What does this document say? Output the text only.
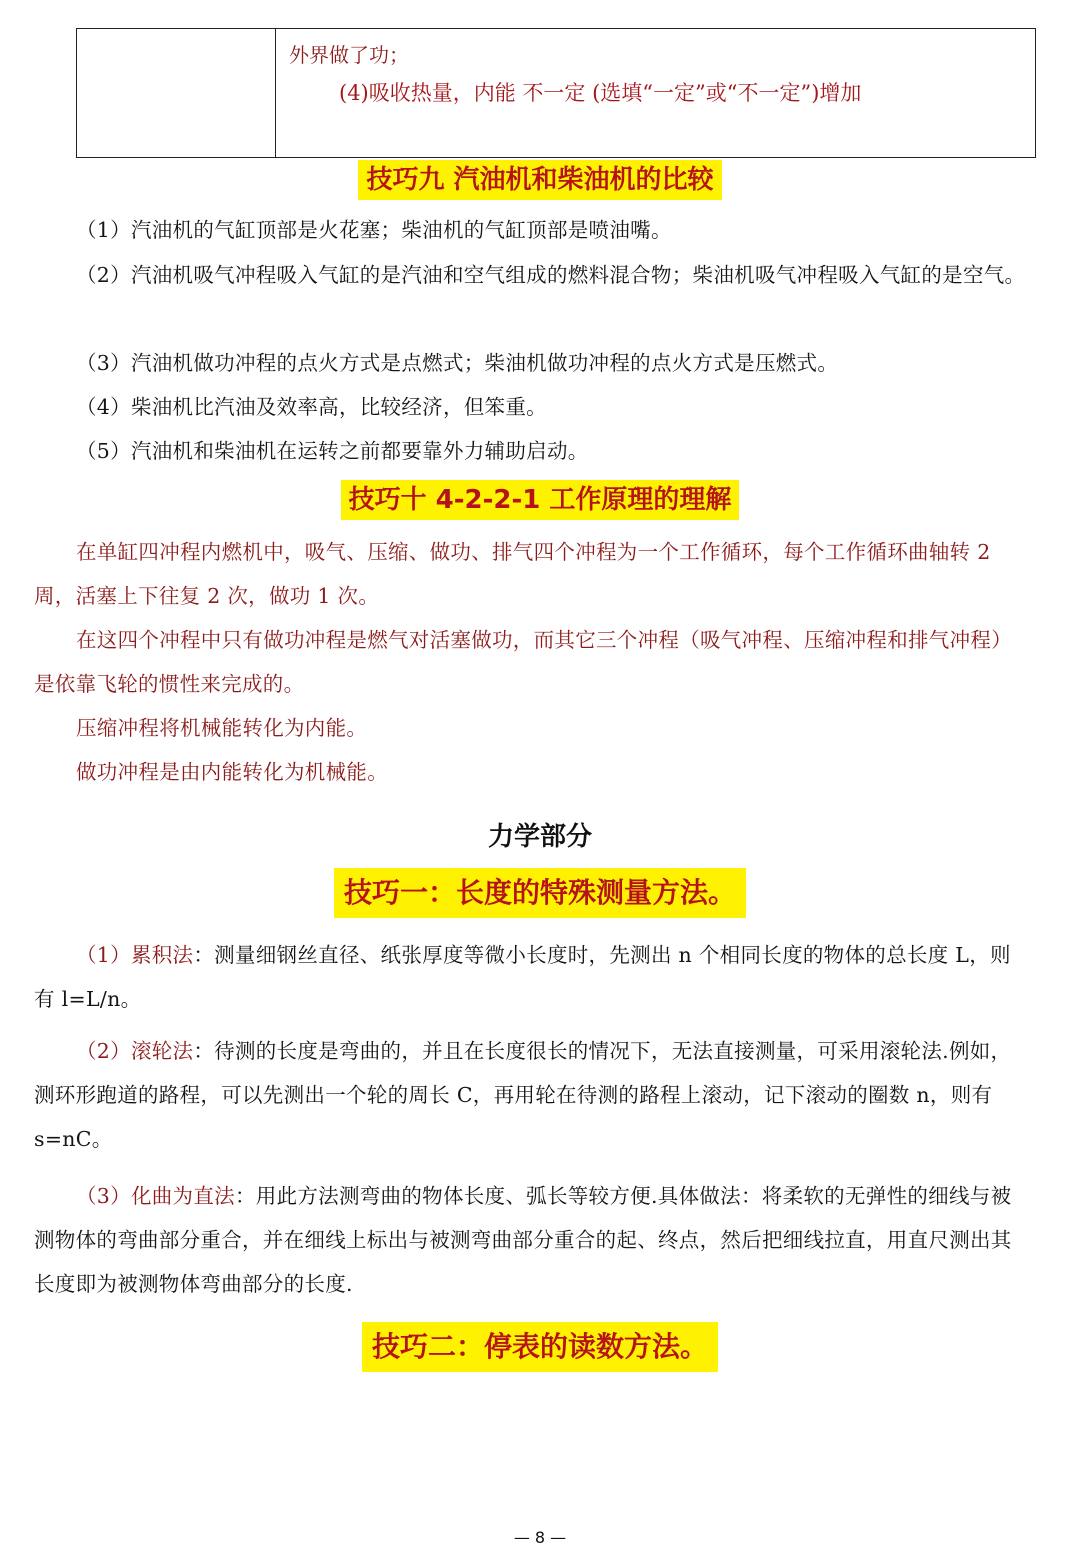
外界做了功；
(4)吸收热量，内能 不一定 (选填“一定”或“不一定”)增加
技巧九 汽油机和柴油机的比较

（1）汽油机的气缸顶部是火花塞；柴油机的气缸顶部是喷油嘴。

（2）汽油机吸气冲程吸入气缸的是汽油和空气组成的燃料混合物；柴油机吸气冲程吸入气缸的是空气。

（3）汽油机做功冲程的点火方式是点燃式；柴油机做功冲程的点火方式是压燃式。

（4）柴油机比汽油及效率高，比较经济，但笨重。

（5）汽油机和柴油机在运转之前都要靠外力辅助启动。

技巧十 4-2-2-1 工作原理的理解

在单缸四冲程内燃机中，吸气、压缩、做功、排气四个冲程为一个工作循环，每个工作循环曲轴转 2 周，活塞上下往复 2 次，做功 1 次。

在这四个冲程中只有做功冲程是燃气对活塞做功，而其它三个冲程（吸气冲程、压缩冲程和排气冲程）是依靠飞轮的惯性来完成的。

压缩冲程将机械能转化为内能。

做功冲程是由内能转化为机械能。

力学部分
技巧一：长度的特殊测量方法。

（1）累积法：测量细钢丝直径、纸张厚度等微小长度时，先测出 n 个相同长度的物体的总长度 L，则有 l=L/n。

（2）滚轮法：待测的长度是弯曲的，并且在长度很长的情况下，无法直接测量，可采用滚轮法.例如，测环形跑道的路程，可以先测出一个轮的周长 C，再用轮在待测的路程上滚动，记下滚动的圈数 n，则有 s=nC。

（3）化曲为直法：用此方法测弯曲的物体长度、弧长等较方便.具体做法：将柔软的无弹性的细线与被测物体的弯曲部分重合，并在细线上标出与被测弯曲部分重合的起、终点，然后把细线拉直，用直尺测出其长度即为被测物体弯曲部分的长度.

技巧二：停表的读数方法。
— 8 —
